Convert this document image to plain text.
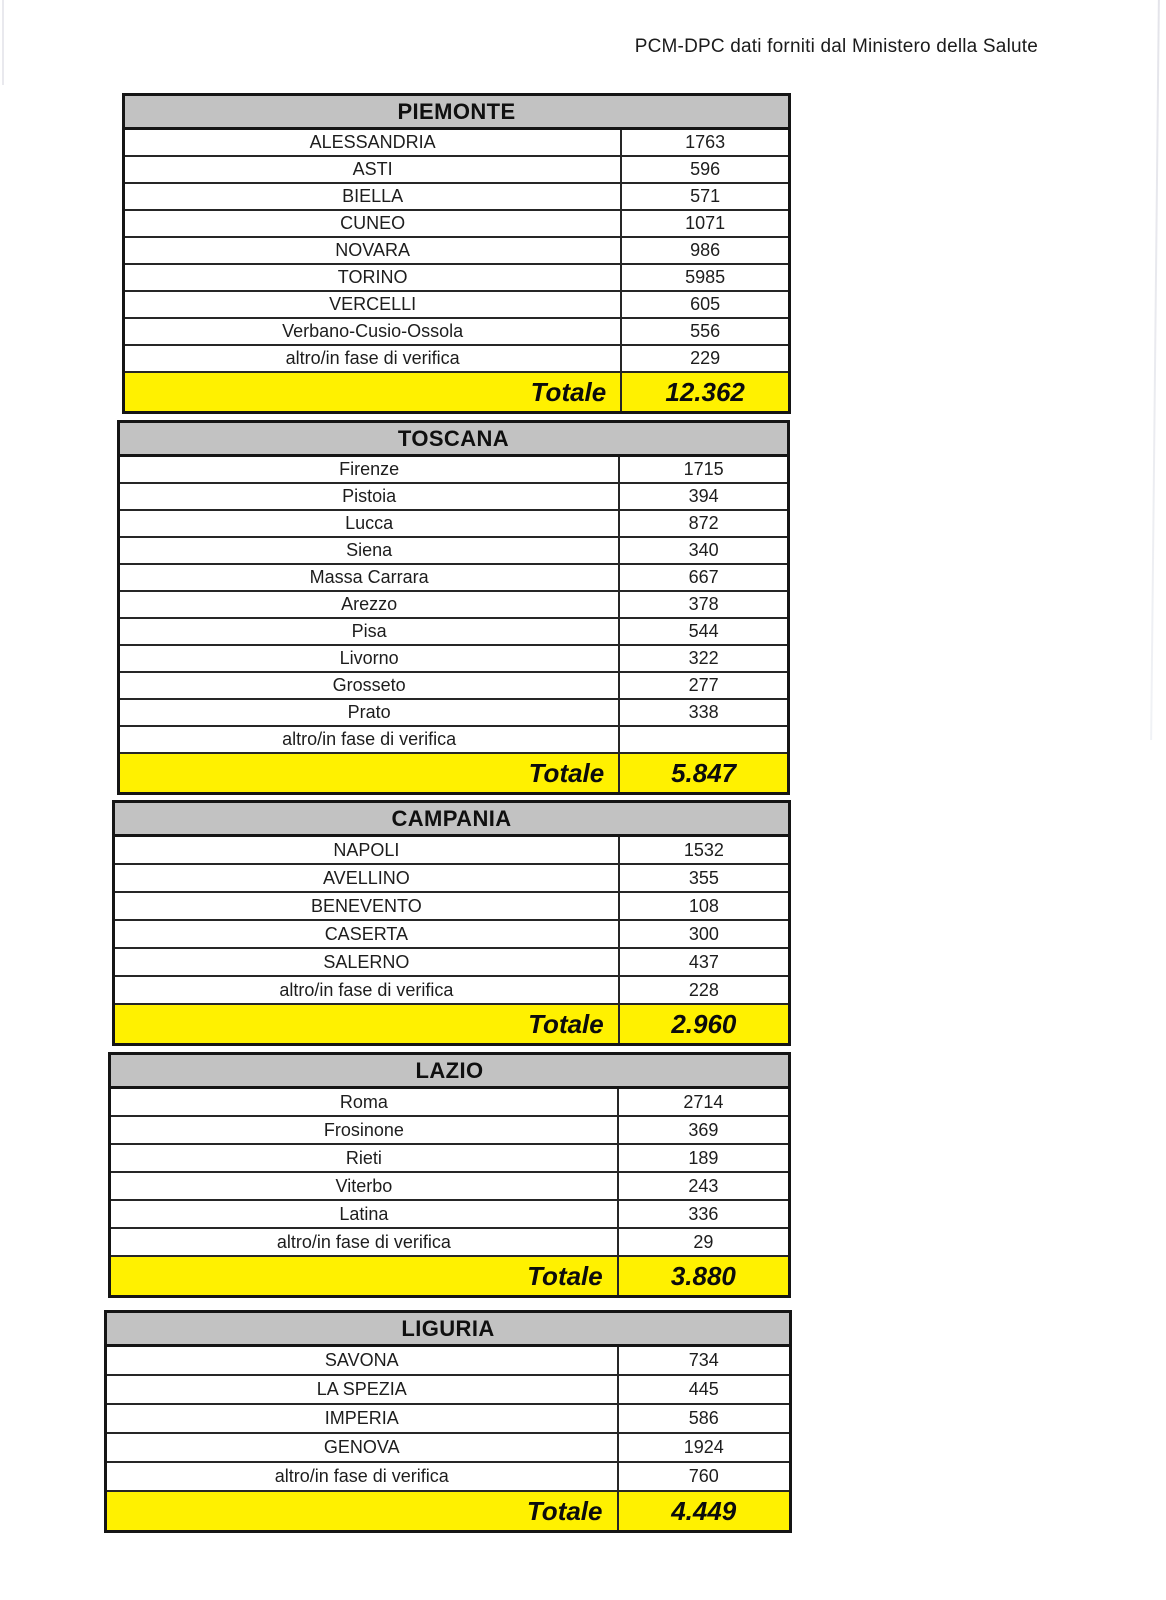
PCM-DPC dati forniti dal Ministero della Salute
PIEMONTE
ALESSANDRIA	1763
ASTI	596
BIELLA	571
CUNEO	1071
NOVARA	986
TORINO	5985
VERCELLI	605
Verbano-Cusio-Ossola	556
altro/in fase di verifica	229
Totale	12.362
TOSCANA
Firenze	1715
Pistoia	394
Lucca	872
Siena	340
Massa Carrara	667
Arezzo	378
Pisa	544
Livorno	322
Grosseto	277
Prato	338
altro/in fase di verifica
Totale	5.847
CAMPANIA
NAPOLI	1532
AVELLINO	355
BENEVENTO	108
CASERTA	300
SALERNO	437
altro/in fase di verifica	228
Totale	2.960
LAZIO
Roma	2714
Frosinone	369
Rieti	189
Viterbo	243
Latina	336
altro/in fase di verifica	29
Totale	3.880
LIGURIA
SAVONA	734
LA SPEZIA	445
IMPERIA	586
GENOVA	1924
altro/in fase di verifica	760
Totale	4.449
